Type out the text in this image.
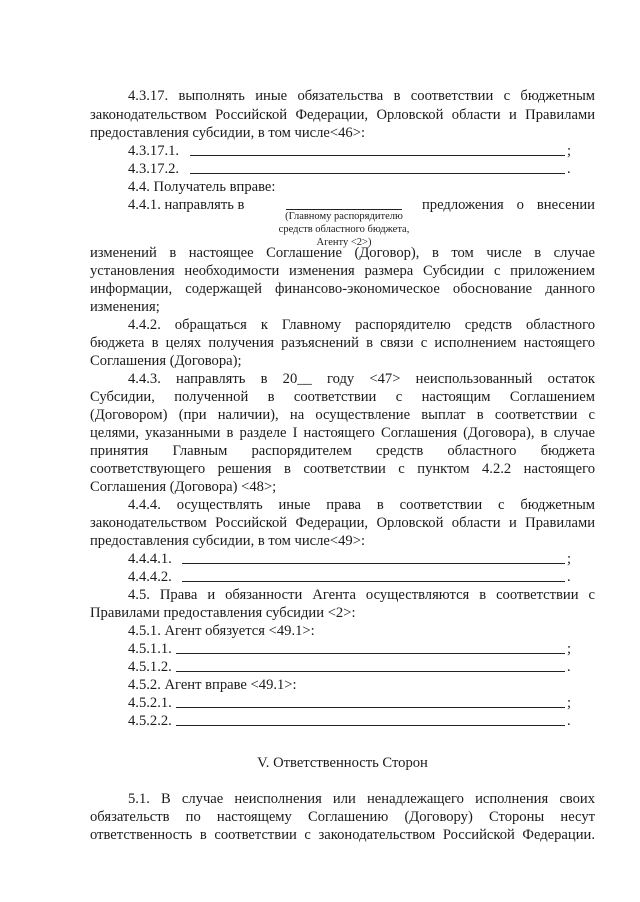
4.3.17. выполнять иные обязательства в соответствии с бюджетным
законодательством Российской Федерации, Орловской области и Правилами
предоставления субсидии, в том числе<46>:
4.3.17.1.	;
4.3.17.2.	.
4.4. Получатель вправе:
4.4.1. направлять в	предложения о внесении
(Главному распорядителю
средств областного бюджета,
Агенту <2>)
изменений в настоящее Соглашение (Договор), в том числе в случае
установления необходимости изменения размера Субсидии с приложением
информации, содержащей финансово-экономическое обоснование данного
изменения;
4.4.2. обращаться к Главному распорядителю средств областного
бюджета в целях получения разъяснений в связи с исполнением настоящего
Соглашения (Договора);
4.4.3. направлять в 20__ году <47> неиспользованный остаток
Субсидии, полученной в соответствии с настоящим Соглашением
(Договором) (при наличии), на осуществление выплат в соответствии с
целями, указанными в разделе I настоящего Соглашения (Договора), в случае
принятия Главным распорядителем средств областного бюджета
соответствующего решения в соответствии с пунктом 4.2.2 настоящего
Соглашения (Договора) <48>;
4.4.4. осуществлять иные права в соответствии с бюджетным
законодательством Российской Федерации, Орловской области и Правилами
предоставления субсидии, в том числе<49>:
4.4.4.1.	;
4.4.4.2.	.
4.5. Права и обязанности Агента осуществляются в соответствии с
Правилами предоставления субсидии <2>:
4.5.1. Агент обязуется <49.1>:
4.5.1.1.	;
4.5.1.2.	.
4.5.2. Агент вправе <49.1>:
4.5.2.1.	;
4.5.2.2.	.
V. Ответственность Сторон
5.1. В случае неисполнения или ненадлежащего исполнения своих
обязательств по настоящему Соглашению (Договору) Стороны несут
ответственность в соответствии с законодательством Российской Федерации.
